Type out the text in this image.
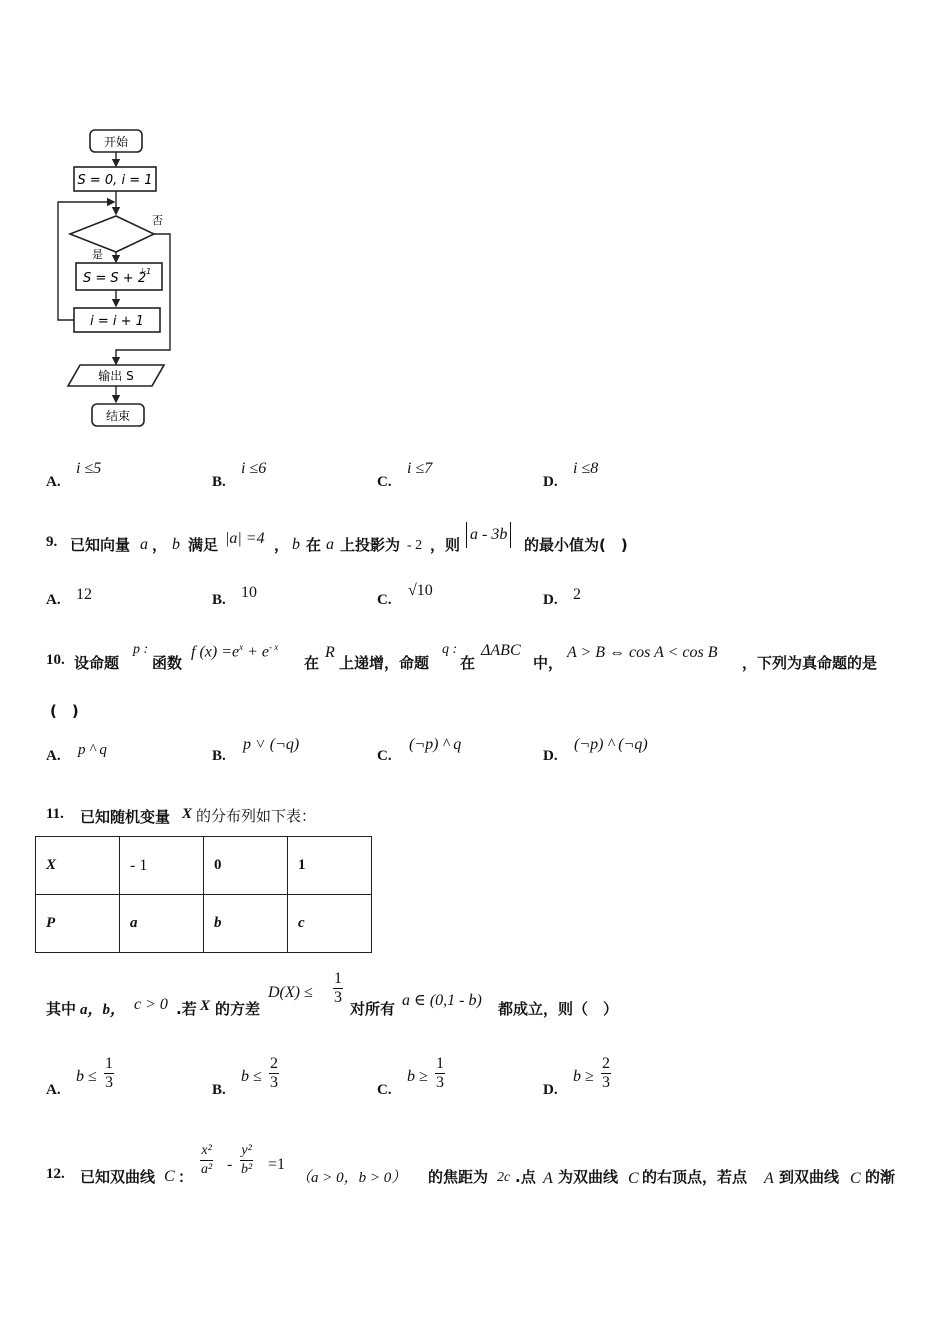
开始
S = 0, i = 1
否
是
S = S + 2
i-1
i = i + 1
输出 S
结束
A.
i ≤5
B.
i ≤6
C.
i ≤7
D.
i ≤8
9. 已知向量 a ， b 满足 |a| =4 ， b 在 a 上投影为 - 2 ，则
a - 3b
的最小值为(　)
A. 12	B. 10	C.
√10
D. 2
10. 设命题
p :
函数
f $(x) =e^x + e^{- x}$
在
R
上递增，命题
q :
在
ΔABC
中，
A > B ⇔ cos A < cos B
，下列为真命题的是
(　)
A. p ^ q	B.
p ˅ (¬q)
C.
(¬p) ^ q
D.
(¬p) ^ (¬q)
11. 已知随机变量 X 的分布列如下表：
X	- 1	0	1
P	a	b	c
其中 a，b， c > 0 .若 X 的方差
$D(X) \le \frac{1}{3}$
对所有 a ∈ (0,1 - b) 都成立，则（　）
A.
$b \le \frac{1}{3}$	B.
$b \le \frac{2}{3}$	C.
$b \ge \frac{1}{3}$	D.
$b \ge \frac{2}{3}$
12. 已知双曲线 C ： $\frac{\text{x²}}{\text{a²}} - \frac{\text{y²}}{\text{b²}} =1$
（a > 0，b > 0） 的焦距为 2c .点 A 为双曲线 C 的右顶点，若点 A 到双曲线 C 的渐
